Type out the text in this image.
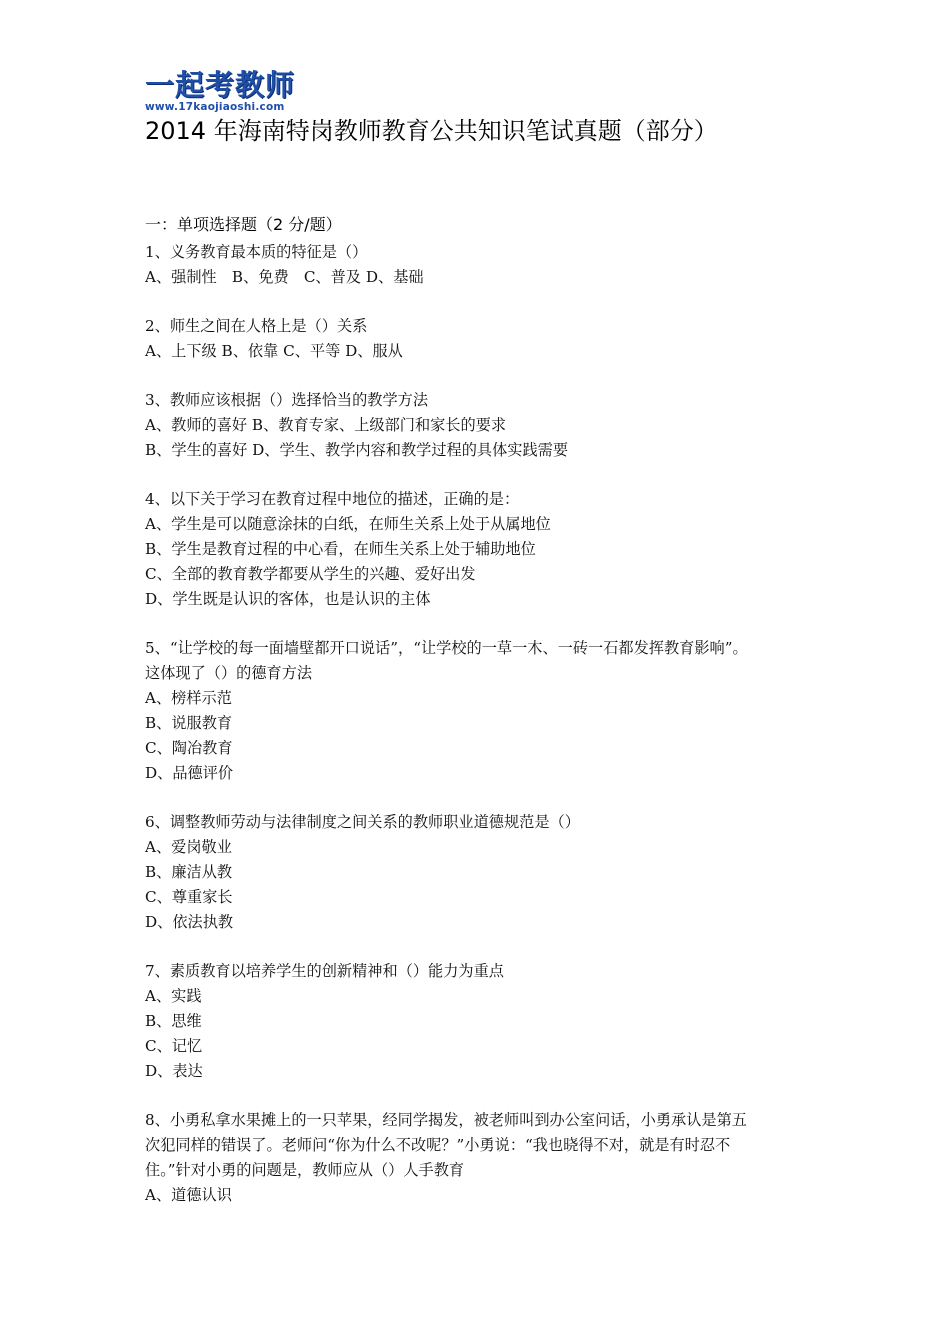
一起考教师
www.17kaojiaoshi.com
2014 年海南特岗教师教育公共知识笔试真题（部分）
一：单项选择题（2 分/题）
1、义务教育最本质的特征是（）
A、强制性　B、免费　C、普及 D、基础
2、师生之间在人格上是（）关系
A、上下级 B、依靠 C、平等 D、服从
3、教师应该根据（）选择恰当的教学方法
A、教师的喜好 B、教育专家、上级部门和家长的要求
B、学生的喜好 D、学生、教学内容和教学过程的具体实践需要
4、以下关于学习在教育过程中地位的描述，正确的是：
A、学生是可以随意涂抹的白纸，在师生关系上处于从属地位
B、学生是教育过程的中心看，在师生关系上处于辅助地位
C、全部的教育教学都要从学生的兴趣、爱好出发
D、学生既是认识的客体，也是认识的主体
5、“让学校的每一面墙壁都开口说话”，“让学校的一草一木、一砖一石都发挥教育影响”。
这体现了（）的德育方法
A、榜样示范
B、说服教育
C、陶冶教育
D、品德评价
6、调整教师劳动与法律制度之间关系的教师职业道德规范是（）
A、爱岗敬业
B、廉洁从教
C、尊重家长
D、依法执教
7、素质教育以培养学生的创新精神和（）能力为重点
A、实践
B、思维
C、记忆
D、表达
8、小勇私拿水果摊上的一只苹果，经同学揭发，被老师叫到办公室问话，小勇承认是第五
次犯同样的错误了。老师问“你为什么不改呢？”小勇说：“我也晓得不对，就是有时忍不
住。”针对小勇的问题是，教师应从（）人手教育
A、道德认识
